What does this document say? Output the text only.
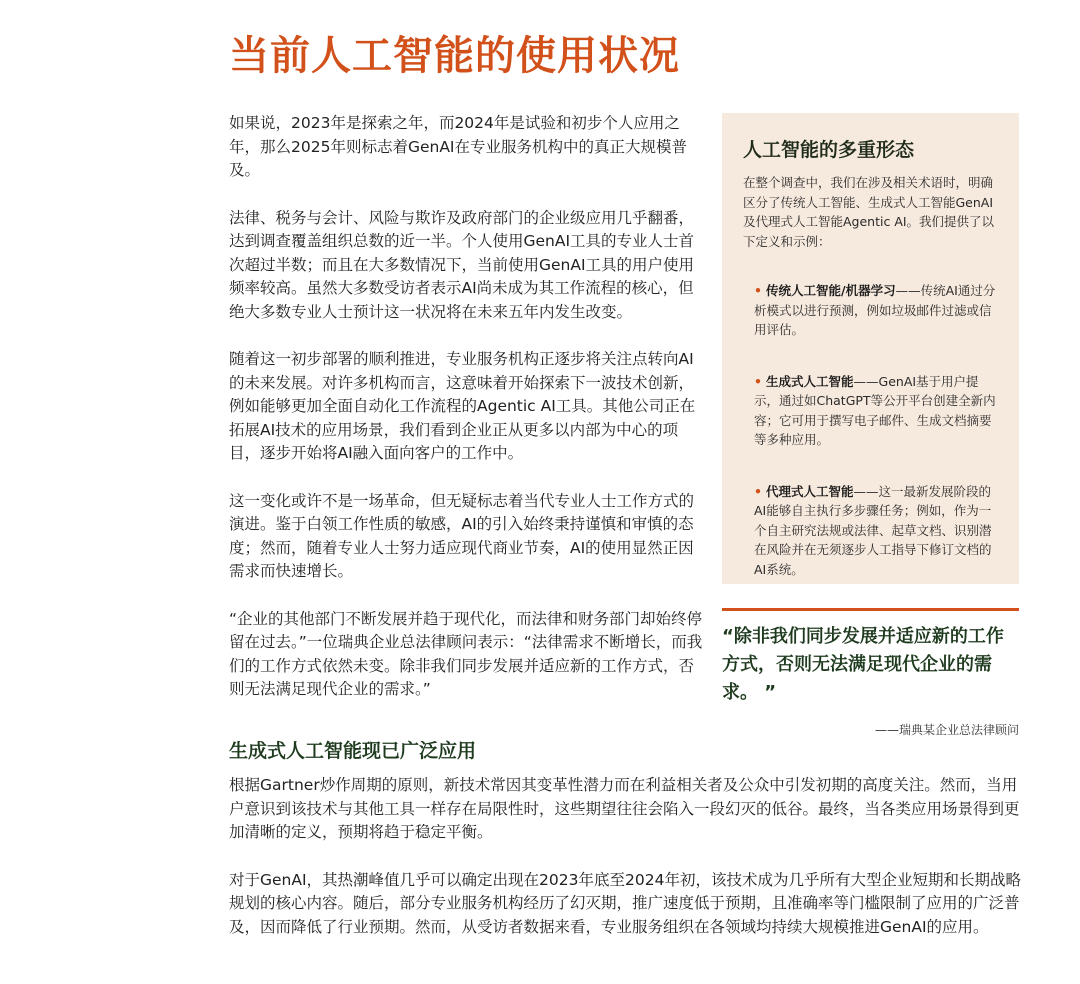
当前人工智能的使用状况

如果说，2023年是探索之年，而2024年是试验和初步个人应用之年，那么2025年则标志着GenAI在专业服务机构中的真正大规模普及。

法律、税务与会计、风险与欺诈及政府部门的企业级应用几乎翻番，达到调查覆盖组织总数的近一半。个人使用GenAI工具的专业人士首次超过半数；而且在大多数情况下，当前使用GenAI工具的用户使用频率较高。虽然大多数受访者表示AI尚未成为其工作流程的核心，但绝大多数专业人士预计这一状况将在未来五年内发生改变。

随着这一初步部署的顺利推进，专业服务机构正逐步将关注点转向AI的未来发展。对许多机构而言，这意味着开始探索下一波技术创新，例如能够更加全面自动化工作流程的Agentic AI工具。其他公司正在拓展AI技术的应用场景，我们看到企业正从更多以内部为中心的项目，逐步开始将AI融入面向客户的工作中。

这一变化或许不是一场革命，但无疑标志着当代专业人士工作方式的演进。鉴于白领工作性质的敏感，AI的引入始终秉持谨慎和审慎的态度；然而，随着专业人士努力适应现代商业节奏，AI的使用显然正因需求而快速增长。

“企业的其他部门不断发展并趋于现代化，而法律和财务部门却始终停留在过去。”一位瑞典企业总法律顾问表示：“法律需求不断增长，而我们的工作方式依然未变。除非我们同步发展并适应新的工作方式，否则无法满足现代企业的需求。”

人工智能的多重形态

在整个调查中，我们在涉及相关术语时，明确区分了传统人工智能、生成式人工智能GenAI及代理式人工智能Agentic AI。我们提供了以下定义和示例：

• 传统人工智能/机器学习——传统AI通过分析模式以进行预测，例如垃圾邮件过滤或信用评估。
• 生成式人工智能——GenAI基于用户提示，通过如ChatGPT等公开平台创建全新内容；它可用于撰写电子邮件、生成文档摘要等多种应用。
• 代理式人工智能——这一最新发展阶段的AI能够自主执行多步骤任务；例如，作为一个自主研究法规或法律、起草文档、识别潜在风险并在无须逐步人工指导下修订文档的AI系统。

“除非我们同步发展并适应新的工作方式，否则无法满足现代企业的需求。 ”

——瑞典某企业总法律顾问

生成式人工智能现已广泛应用

根据Gartner炒作周期的原则，新技术常因其变革性潜力而在利益相关者及公众中引发初期的高度关注。然而，当用户意识到该技术与其他工具一样存在局限性时，这些期望往往会陷入一段幻灭的低谷。最终，当各类应用场景得到更加清晰的定义，预期将趋于稳定平衡。

对于GenAI，其热潮峰值几乎可以确定出现在2023年底至2024年初，该技术成为几乎所有大型企业短期和长期战略规划的核心内容。随后，部分专业服务机构经历了幻灭期，推广速度低于预期，且准确率等门槛限制了应用的广泛普及，因而降低了行业预期。然而，从受访者数据来看，专业服务组织在各领域均持续大规模推进GenAI的应用。
